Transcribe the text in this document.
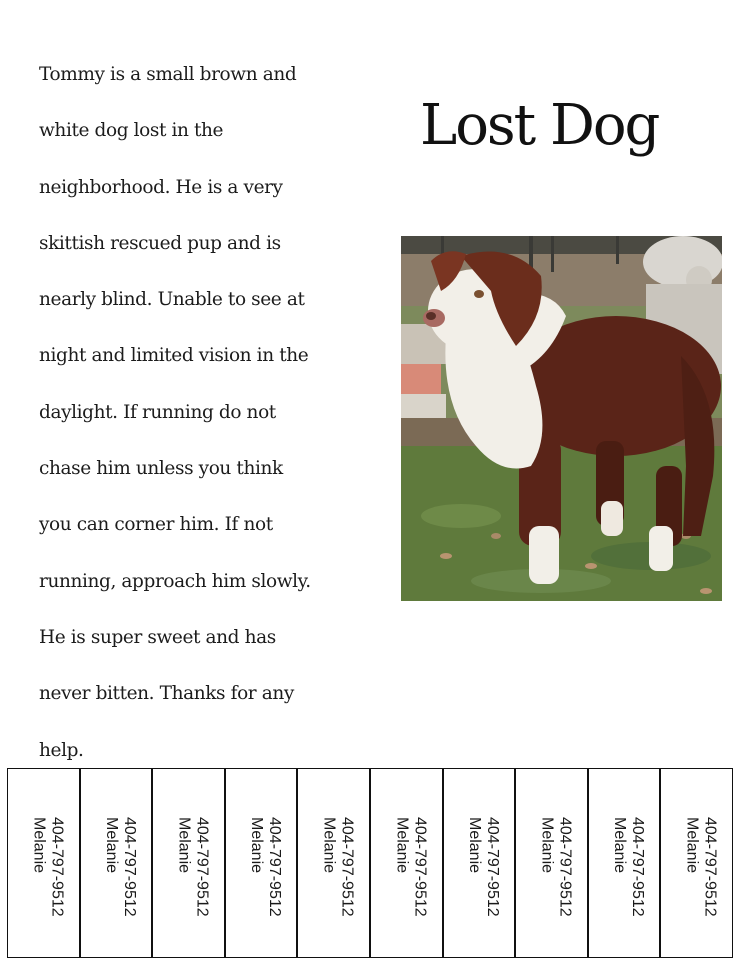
Tommy is a small brown and
white dog lost in the
neighborhood. He is a very
skittish rescued pup and is
nearly blind. Unable to see at
night and limited vision in the
daylight. If running do not
chase him unless you think
you can corner him. If not
running, approach him slowly.
He is super sweet and has
never bitten. Thanks for any
help.
Lost Dog
404-797-9512
Melanie	404-797-9512
Melanie	404-797-9512
Melanie	404-797-9512
Melanie	404-797-9512
Melanie	404-797-9512
Melanie	404-797-9512
Melanie	404-797-9512
Melanie	404-797-9512
Melanie	404-797-9512
Melanie
